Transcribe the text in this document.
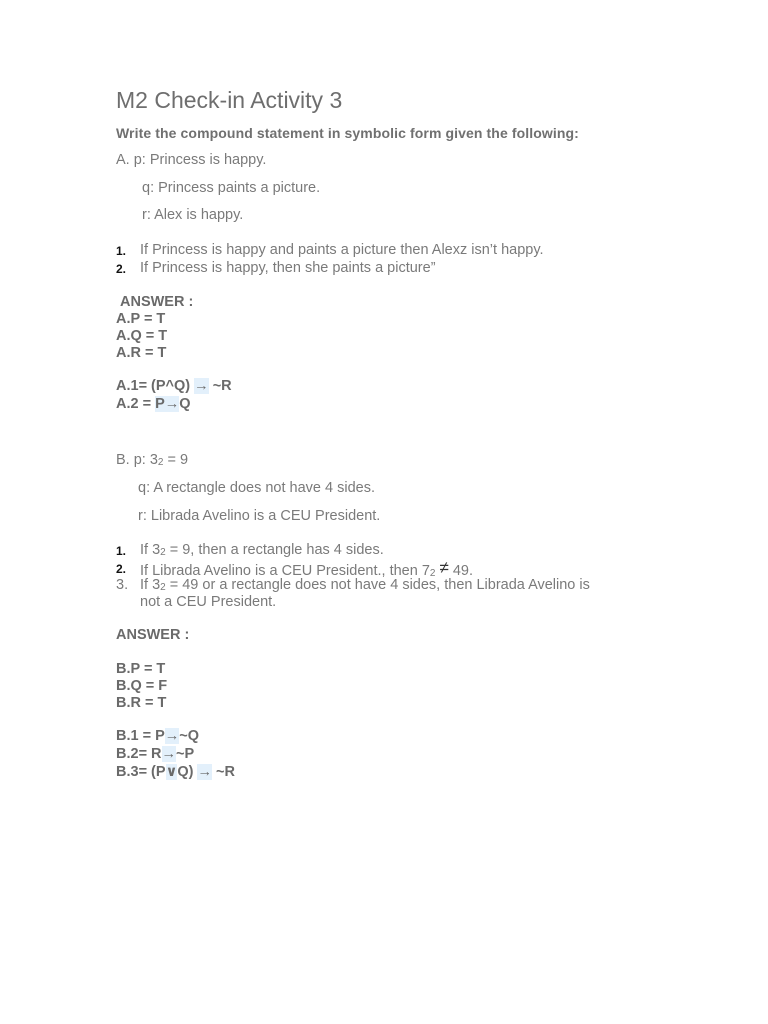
M2 Check-in Activity 3
Write the compound statement in symbolic form given the following:
A. p: Princess is happy.
q: Princess paints a picture.
r: Alex is happy.
1. If Princess is happy and paints a picture then Alexz isn’t happy.
2. If Princess is happy, then she paints a picture”
ANSWER :
A.P = T
A.Q = T
A.R = T
A.1= (P^Q) → ~R
A.2 = P→Q
B. p: 32 = 9
q: A rectangle does not have 4 sides.
r: Librada Avelino is a CEU President.
1. If 32 = 9, then a rectangle has 4 sides.
2. If Librada Avelino is a CEU President., then 72 ≠ 49.
3. If 32 = 49 or a rectangle does not have 4 sides, then Librada Avelino is
not a CEU President.
ANSWER :
B.P = T
B.Q = F
B.R = T
B.1 = P→~Q
B.2= R→~P
B.3= (P∨Q) → ~R
